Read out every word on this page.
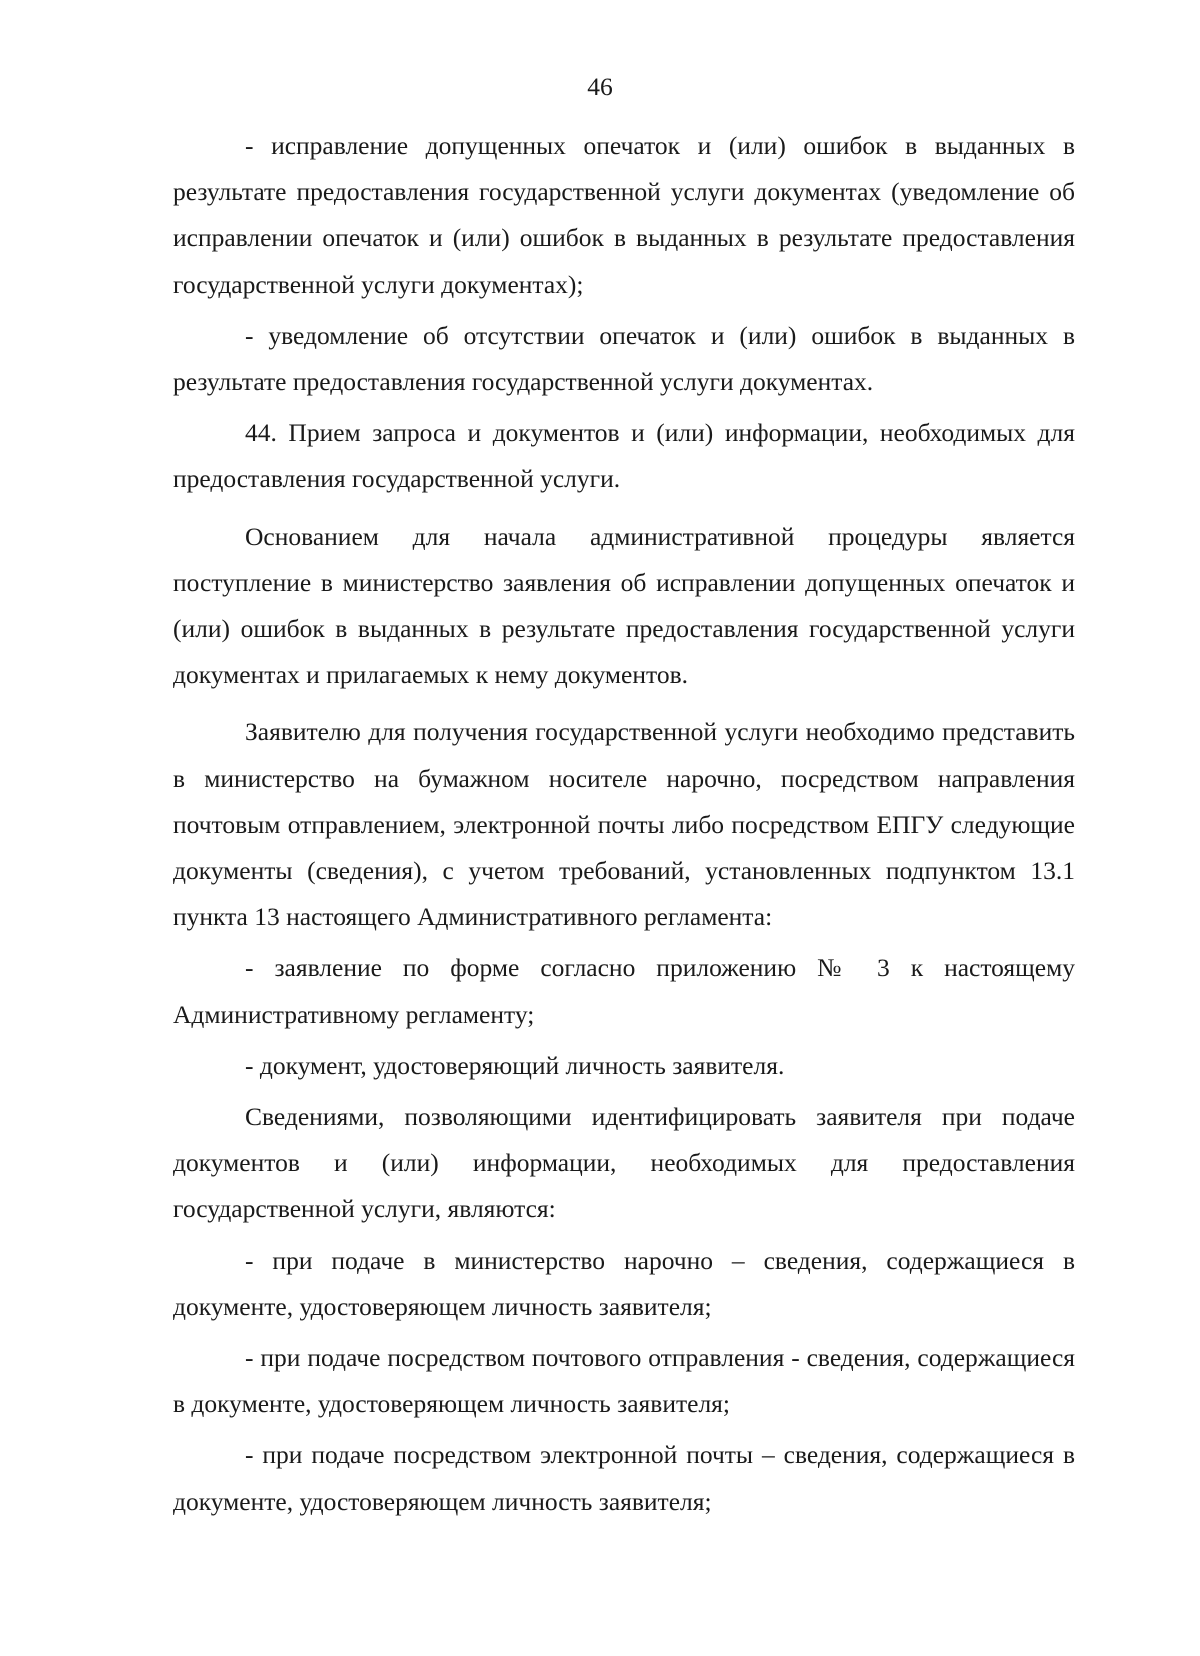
46

- исправление допущенных опечаток и (или) ошибок в выданных в результате предоставления государственной услуги документах (уведомление об исправлении опечаток и (или) ошибок в выданных в результате предоставления государственной услуги документах);

- уведомление об отсутствии опечаток и (или) ошибок в выданных в результате предоставления государственной услуги документах.

44. Прием запроса и документов и (или) информации, необходимых для предоставления государственной услуги.

Основанием для начала административной процедуры является поступление в министерство заявления об исправлении допущенных опечаток и (или) ошибок в выданных в результате предоставления государственной услуги документах и прилагаемых к нему документов.

Заявителю для получения государственной услуги необходимо представить в министерство на бумажном носителе нарочно, посредством направления почтовым отправлением, электронной почты либо посредством ЕПГУ следующие документы (сведения), с учетом требований, установленных подпунктом 13.1 пункта 13 настоящего Административного регламента:

- заявление по форме согласно приложению № 3 к настоящему Административному регламенту;

- документ, удостоверяющий личность заявителя.

Сведениями, позволяющими идентифицировать заявителя при подаче документов и (или) информации, необходимых для предоставления государственной услуги, являются:

- при подаче в министерство нарочно – сведения, содержащиеся в документе, удостоверяющем личность заявителя;

- при подаче посредством почтового отправления - сведения, содержащиеся в документе, удостоверяющем личность заявителя;

- при подаче посредством электронной почты – сведения, содержащиеся в документе, удостоверяющем личность заявителя;
